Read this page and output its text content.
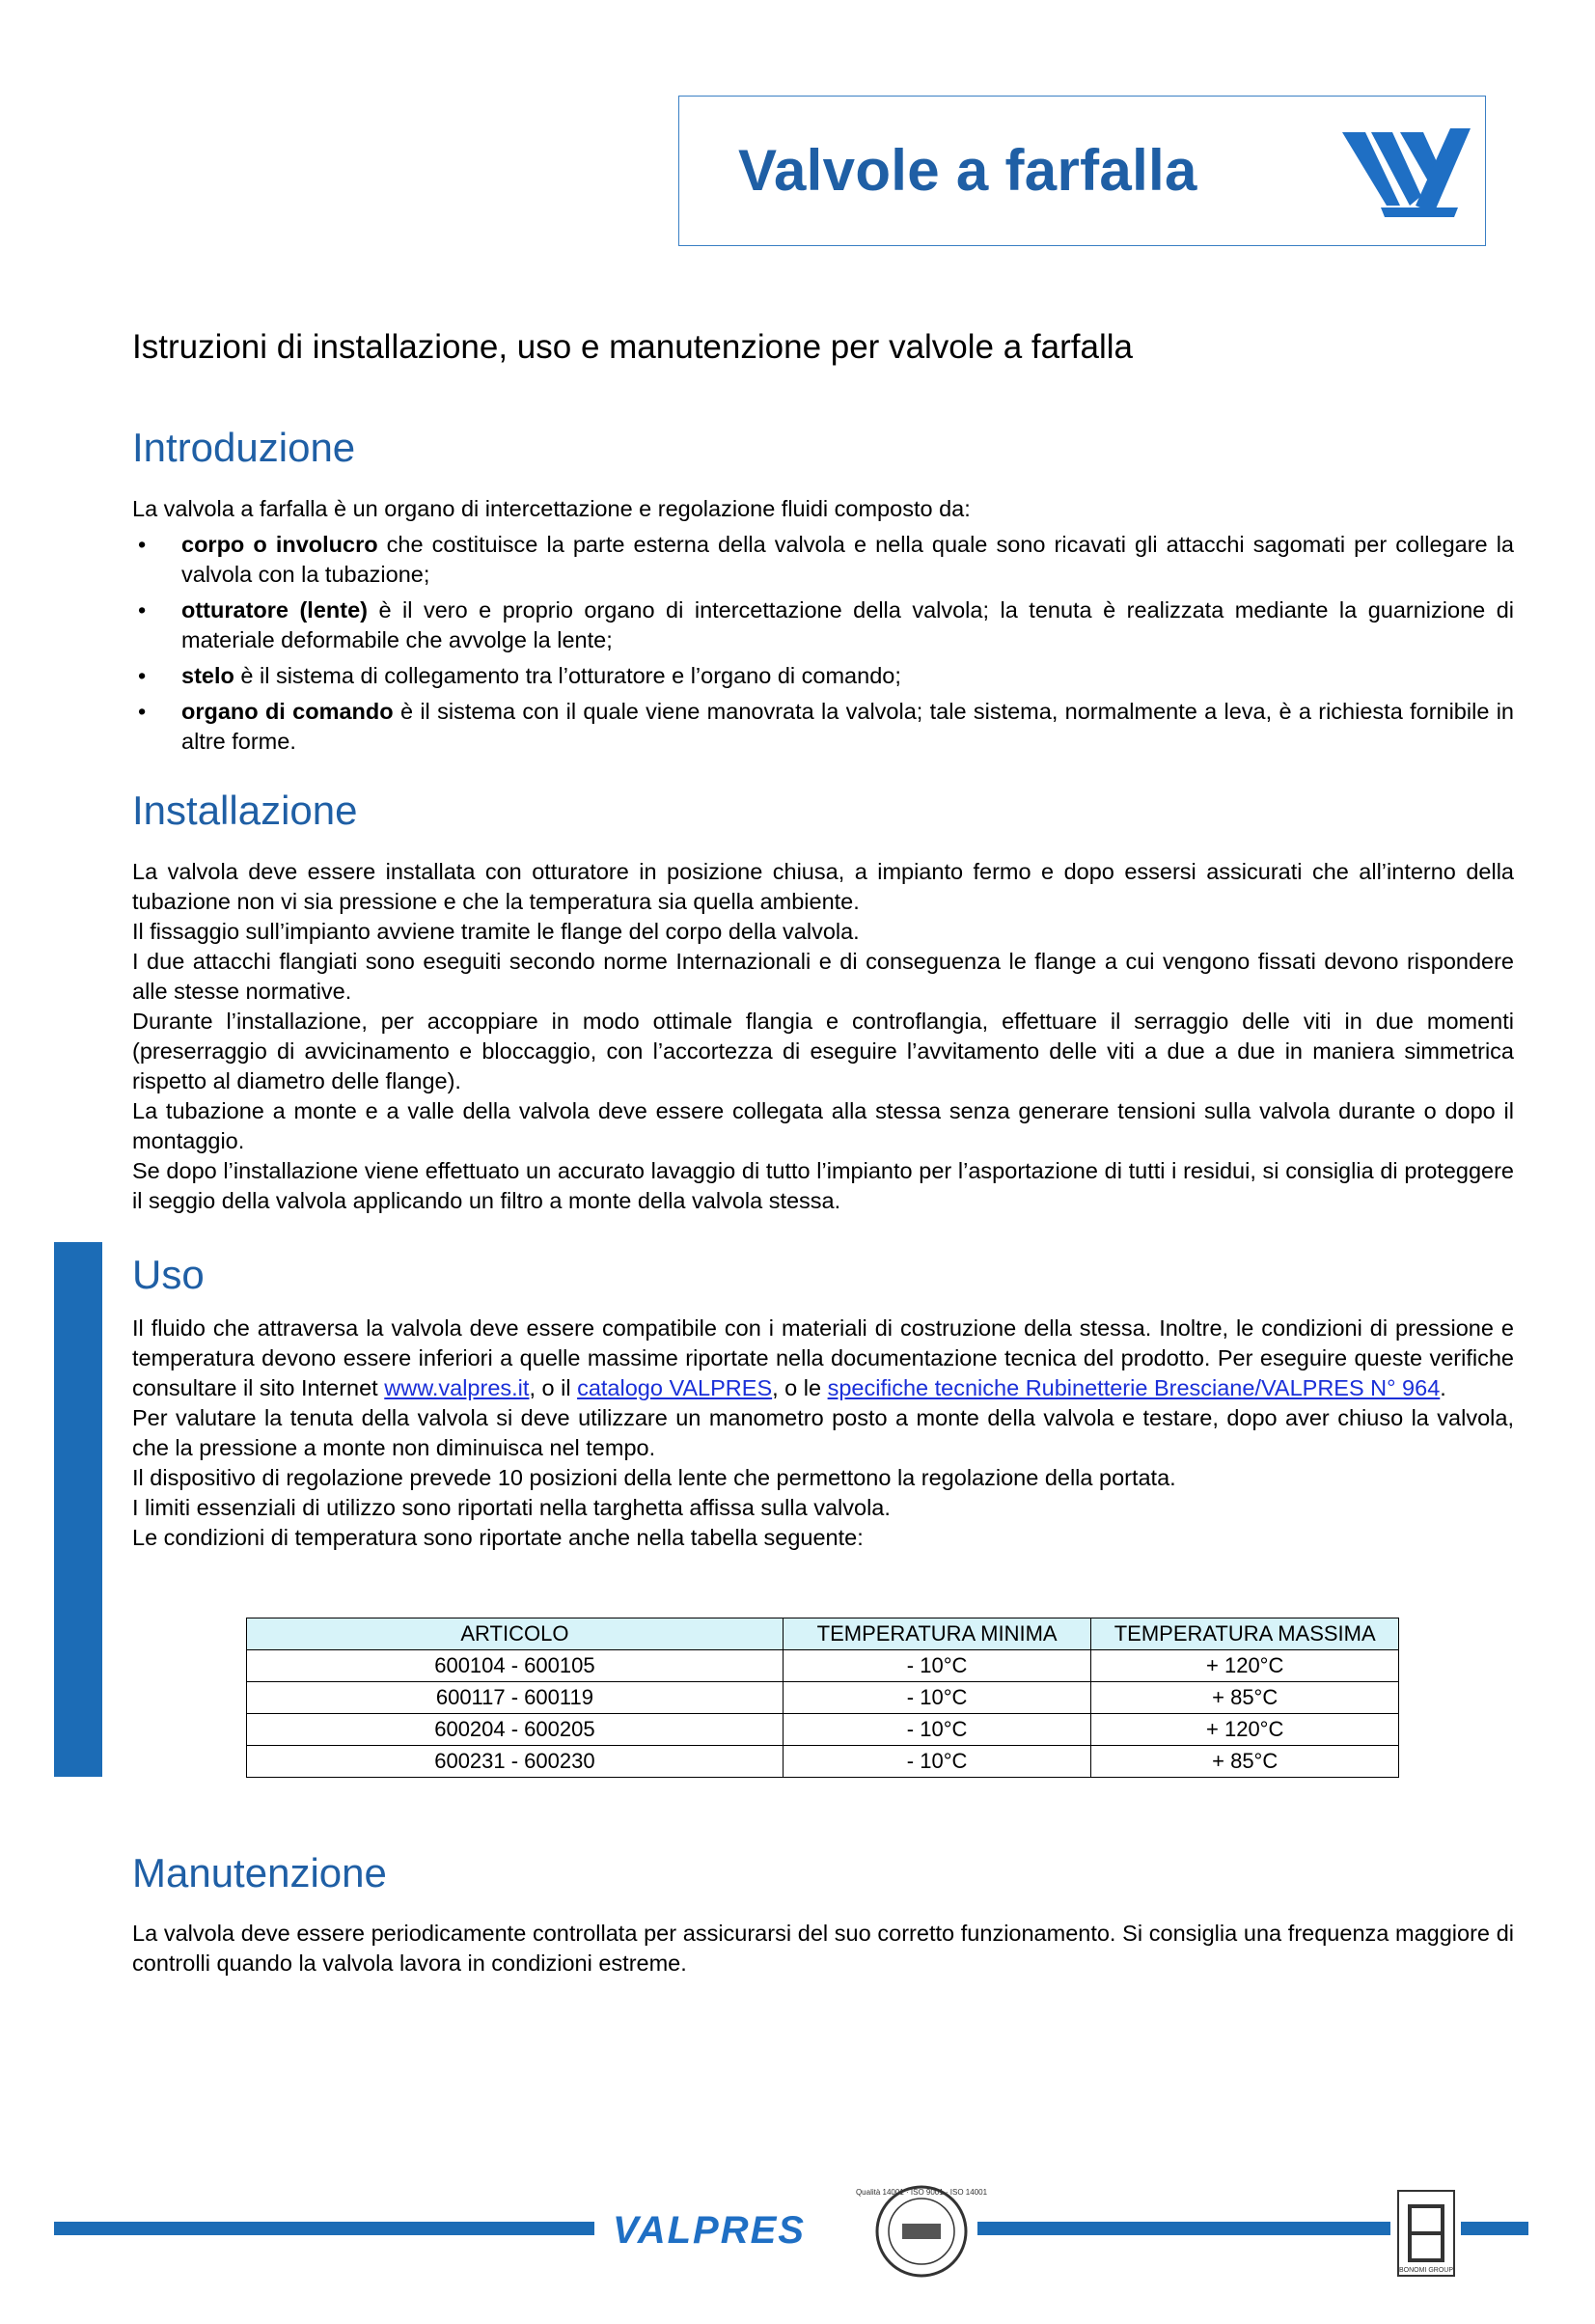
Valvole a farfalla
Istruzioni di installazione, uso e manutenzione per valvole a farfalla
Introduzione
La valvola a farfalla è un organo di intercettazione e regolazione fluidi composto da:
• corpo o involucro che costituisce la parte esterna della valvola e nella quale sono ricavati gli attacchi sagomati per collegare la valvola con la tubazione;
• otturatore (lente) è il vero e proprio organo di intercettazione della valvola; la tenuta è realizzata mediante la guarnizione di materiale deformabile che avvolge la lente;
• stelo è il sistema di collegamento tra l’otturatore e l’organo di comando;
• organo di comando è il sistema con il quale viene manovrata la valvola; tale sistema, normalmente a leva, è a richiesta fornibile in altre forme.
Installazione

La valvola deve essere installata con otturatore in posizione chiusa, a impianto fermo e dopo essersi assicurati che all’interno della tubazione non vi sia pressione e che la temperatura sia quella ambiente.

Il fissaggio sull’impianto avviene tramite le flange del corpo della valvola.

I due attacchi flangiati sono eseguiti secondo norme Internazionali e di conseguenza le flange a cui vengono fissati devono rispondere alle stesse normative.

Durante l’installazione, per accoppiare in modo ottimale flangia e controflangia, effettuare il serraggio delle viti in due momenti (preserraggio di avvicinamento e bloccaggio, con l’accortezza di eseguire l’avvitamento delle viti a due a due in maniera simmetrica rispetto al diametro delle flange).

La tubazione a monte e a valle della valvola deve essere collegata alla stessa senza generare tensioni sulla valvola durante o dopo il montaggio.

Se dopo l’installazione viene effettuato un accurato lavaggio di tutto l’impianto per l’asportazione di tutti i residui, si consiglia di proteggere il seggio della valvola applicando un filtro a monte della valvola stessa.

Uso

Il fluido che attraversa la valvola deve essere compatibile con i materiali di costruzione della stessa. Inoltre, le condizioni di pressione e temperatura devono essere inferiori a quelle massime riportate nella documentazione tecnica del prodotto. Per eseguire queste verifiche consultare il sito Internet www.valpres.it, o il catalogo VALPRES, o le specifiche tecniche Rubinetterie Bresciane/VALPRES N° 964.

Per valutare la tenuta della valvola si deve utilizzare un manometro posto a monte della valvola e testare, dopo aver chiuso la valvola, che la pressione a monte non diminuisca nel tempo.

Il dispositivo di regolazione prevede 10 posizioni della lente che permettono la regolazione della portata.

I limiti essenziali di utilizzo sono riportati nella targhetta affissa sulla valvola.

Le condizioni di temperatura sono riportate anche nella tabella seguente:

Manutenzione
La valvola deve essere periodicamente controllata per assicurarsi del suo corretto funzionamento. Si consiglia una frequenza maggiore di controlli quando la valvola lavora in condizioni estreme.
ARTICOLO	TEMPERATURA MINIMA	TEMPERATURA MASSIMA
600104 - 600105	- 10°C	+ 120°C
600117 - 600119	- 10°C	+ 85°C
600204 - 600205	- 10°C	+ 120°C
600231 - 600230	- 10°C	+ 85°C
VALPRES
Qualità 14001 · ISO 9001 · ISO 14001
BONOMI GROUP
